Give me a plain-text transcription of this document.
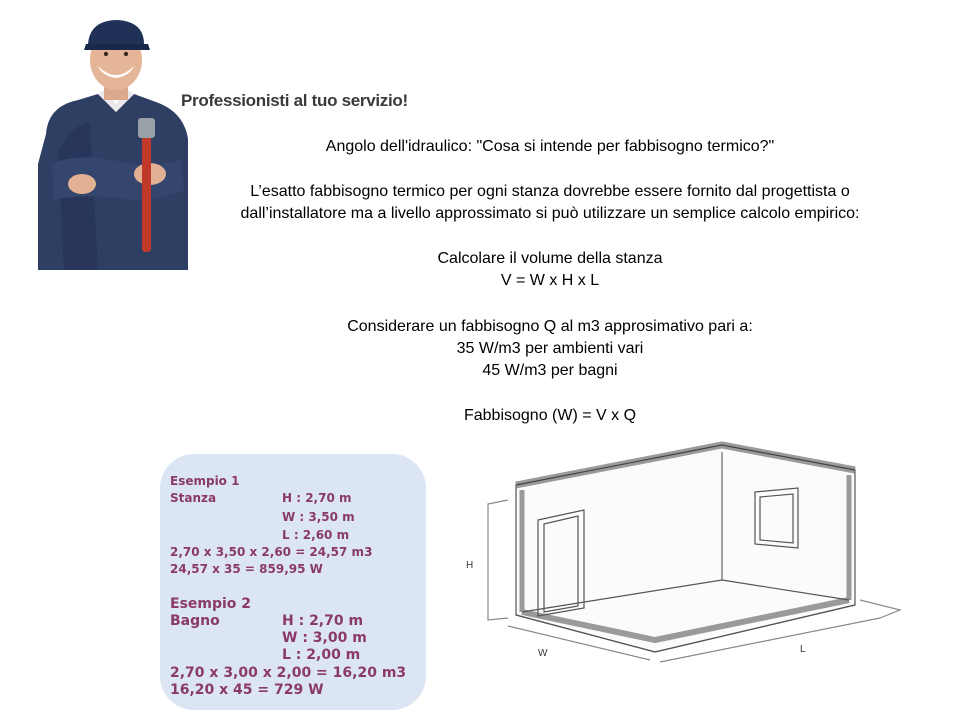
Professionisti al tuo servizio!
Angolo dell'idraulico: "Cosa si intende per fabbisogno termico?"
L’esatto fabbisogno termico per ogni stanza dovrebbe essere fornito dal progettista o
dall’installatore ma a livello approssimato si può utilizzare un semplice calcolo empirico:
Calcolare il volume della stanza
V = W x H x L
Considerare un fabbisogno Q al m3 approsimativo pari a:
35 W/m3 per ambienti vari
45 W/m3 per bagni
Fabbisogno (W) = V x Q
Esempio 1
Stanza	H : 2,70 m
W : 3,50 m
L : 2,60 m
2,70 x 3,50 x 2,60 = 24,57 m3
24,57 x 35 = 859,95 W
Esempio 2
Bagno	H : 2,70 m
W : 3,00 m
L : 2,00 m
2,70 x 3,00 x 2,00 = 16,20 m3
16,20 x 45 = 729 W
H
W	L
